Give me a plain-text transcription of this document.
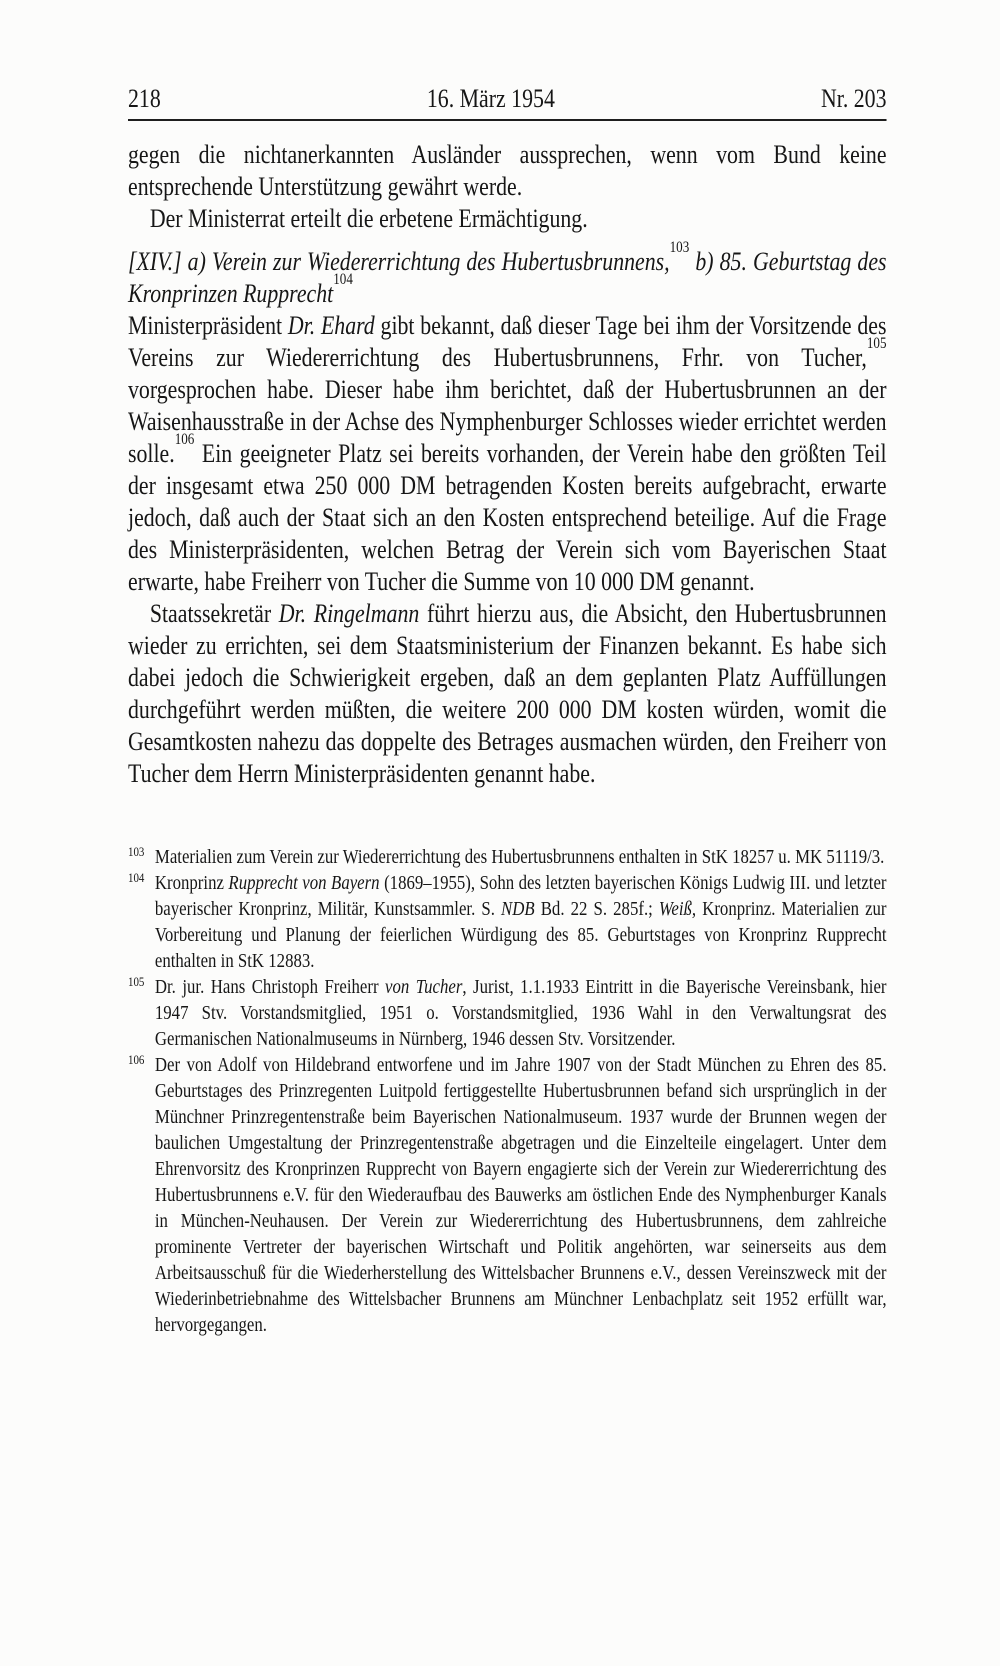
218	16. März 1954	Nr. 203

gegen die nichtanerkannten Ausländer aussprechen, wenn vom Bund keine entsprechende Unterstützung gewährt werde.

Der Ministerrat erteilt die erbetene Ermächtigung.

[XIV.] a) Verein zur Wiedererrichtung des Hubertusbrunnens,$^{103}$ b) 85. Geburtstag des Kronprinzen Rupprecht$^{104}$

Ministerpräsident Dr. Ehard gibt bekannt, daß dieser Tage bei ihm der Vorsitzende des Vereins zur Wiedererrichtung des Hubertusbrunnens, Frhr. von Tucher,$^{105}$ vorgesprochen habe. Dieser habe ihm berichtet, daß der Hubertusbrunnen an der Waisenhausstraße in der Achse des Nymphenburger Schlosses wieder errichtet werden solle.$^{106}$ Ein geeigneter Platz sei bereits vorhanden, der Verein habe den größten Teil der insgesamt etwa 250 000 DM betragenden Kosten bereits aufgebracht, erwarte jedoch, daß auch der Staat sich an den Kosten entsprechend beteilige. Auf die Frage des Ministerpräsidenten, welchen Betrag der Verein sich vom Bayerischen Staat erwarte, habe Freiherr von Tucher die Summe von 10 000 DM genannt.

Staatssekretär Dr. Ringelmann führt hierzu aus, die Absicht, den Hubertusbrunnen wieder zu errichten, sei dem Staatsministerium der Finanzen bekannt. Es habe sich dabei jedoch die Schwierigkeit ergeben, daß an dem geplanten Platz Auffüllungen durchgeführt werden müßten, die weitere 200 000 DM kosten würden, womit die Gesamtkosten nahezu das doppelte des Betrages ausmachen würden, den Freiherr von Tucher dem Herrn Ministerpräsidenten genannt habe.

103 Materialien zum Verein zur Wiedererrichtung des Hubertusbrunnens enthalten in StK 18257 u. MK 51119/3.
104 Kronprinz Rupprecht von Bayern (1869–1955), Sohn des letzten bayerischen Königs Ludwig III. und letzter bayerischer Kronprinz, Militär, Kunstsammler. S. NDB Bd. 22 S. 285f.; Weiß, Kronprinz. Materialien zur Vorbereitung und Planung der feierlichen Würdigung des 85. Geburtstages von Kronprinz Rupprecht enthalten in StK 12883.
105 Dr. jur. Hans Christoph Freiherr von Tucher, Jurist, 1.1.1933 Eintritt in die Bayerische Vereinsbank, hier 1947 Stv. Vorstandsmitglied, 1951 o. Vorstandsmitglied, 1936 Wahl in den Verwaltungsrat des Germanischen Nationalmuseums in Nürnberg, 1946 dessen Stv. Vorsitzender.
106 Der von Adolf von Hildebrand entworfene und im Jahre 1907 von der Stadt München zu Ehren des 85. Geburtstages des Prinzregenten Luitpold fertiggestellte Hubertusbrunnen befand sich ursprünglich in der Münchner Prinzregentenstraße beim Bayerischen Nationalmuseum. 1937 wurde der Brunnen wegen der baulichen Umgestaltung der Prinzregentenstraße abgetragen und die Einzelteile eingelagert. Unter dem Ehrenvorsitz des Kronprinzen Rupprecht von Bayern engagierte sich der Verein zur Wiedererrichtung des Hubertusbrunnens e.V. für den Wiederaufbau des Bauwerks am östlichen Ende des Nymphenburger Kanals in München-Neuhausen. Der Verein zur Wiedererrichtung des Hubertusbrunnens, dem zahlreiche prominente Vertreter der bayerischen Wirtschaft und Politik angehörten, war seinerseits aus dem Arbeitsausschuß für die Wiederherstellung des Wittelsbacher Brunnens e.V., dessen Vereinszweck mit der Wiederinbetriebnahme des Wittelsbacher Brunnens am Münchner Lenbachplatz seit 1952 erfüllt war, hervorgegangen.
